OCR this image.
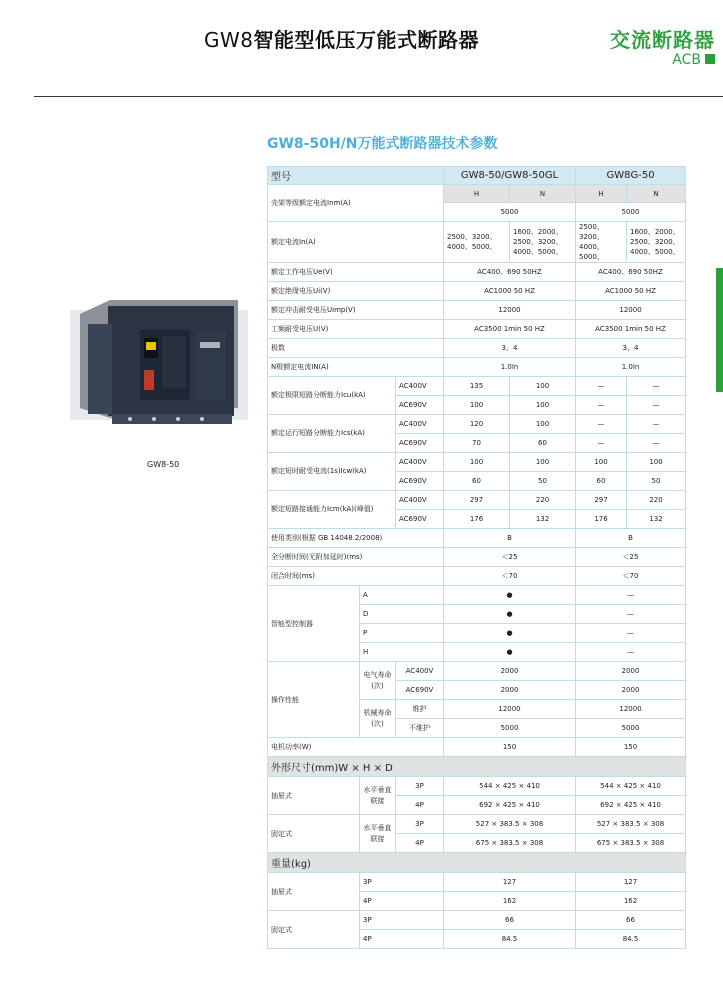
GW8智能型低压万能式断路器	交流断路器
ACB
GW8-50H/N万能式断路器技术参数
GW8-50
型号			GW8-50/GW8-50GL		GW8G-50	
壳架等级额定电流Inm(A)			H	N	H	N
			5000		5000	
额定电流In(A)			2500、3200、4000、5000、	1600、2000、2500、3200、4000、5000、	2500、3200、4000、5000、	1600、2000、2500、3200、4000、5000、
额定工作电压Ue(V)			AC400、690 50HZ		AC400、690 50HZ	
额定绝缘电压Ui(V)			AC1000 50 HZ		AC1000 50 HZ	
额定冲击耐受电压Uimp(V)			12000		12000	
工频耐受电压U(V)			AC3500 1min 50 HZ		AC3500 1min 50 HZ	
极数			3、4		3、4	
N极额定电流IN(A)			1.0In		1.0In	
额定极限短路分断能力Icu(kA)		AC400V	135	100	—	—
		AC690V	100	100	—	—
额定运行短路分断能力Ics(kA)		AC400V	120	100	—	—
		AC690V	70	60	—	—
额定短时耐受电流(1s)Icw(kA)		AC400V	100	100	100	100
		AC690V	60	50	60	50
额定短路接通能力Icm(kA)(峰值)		AC400V	297	220	297	220
		AC690V	176	132	176	132
使用类别(根据 GB 14048.2/2008)			B		B	
全分断时间(无附加延时)(ms)			＜25		＜25	
闭合时间(ms)			＜70		＜70	
智能型控制器	A		●		—	
	D		●		—	
	P		●		—	
	H		●		—	
操作性能	电气寿命(次)	AC400V	2000		2000	
		AC690V	2000		2000	
	机械寿命(次)	维护	12000		12000	
		不维护	5000		5000	
电机功率(W)			150		150	
外形尺寸(mm)W × H × D						
抽屉式	水平垂直联接	3P	544 × 425 × 410		544 × 425 × 410	
		4P	692 × 425 × 410		692 × 425 × 410	
固定式	水平垂直联接	3P	527 × 383.5 × 308		527 × 383.5 × 308	
		4P	675 × 383.5 × 308		675 × 383.5 × 308	
重量(kg)						
抽屉式	3P		127		127	
	4P		162		162	
固定式	3P		66		66	
	4P		84.5		84.5	
